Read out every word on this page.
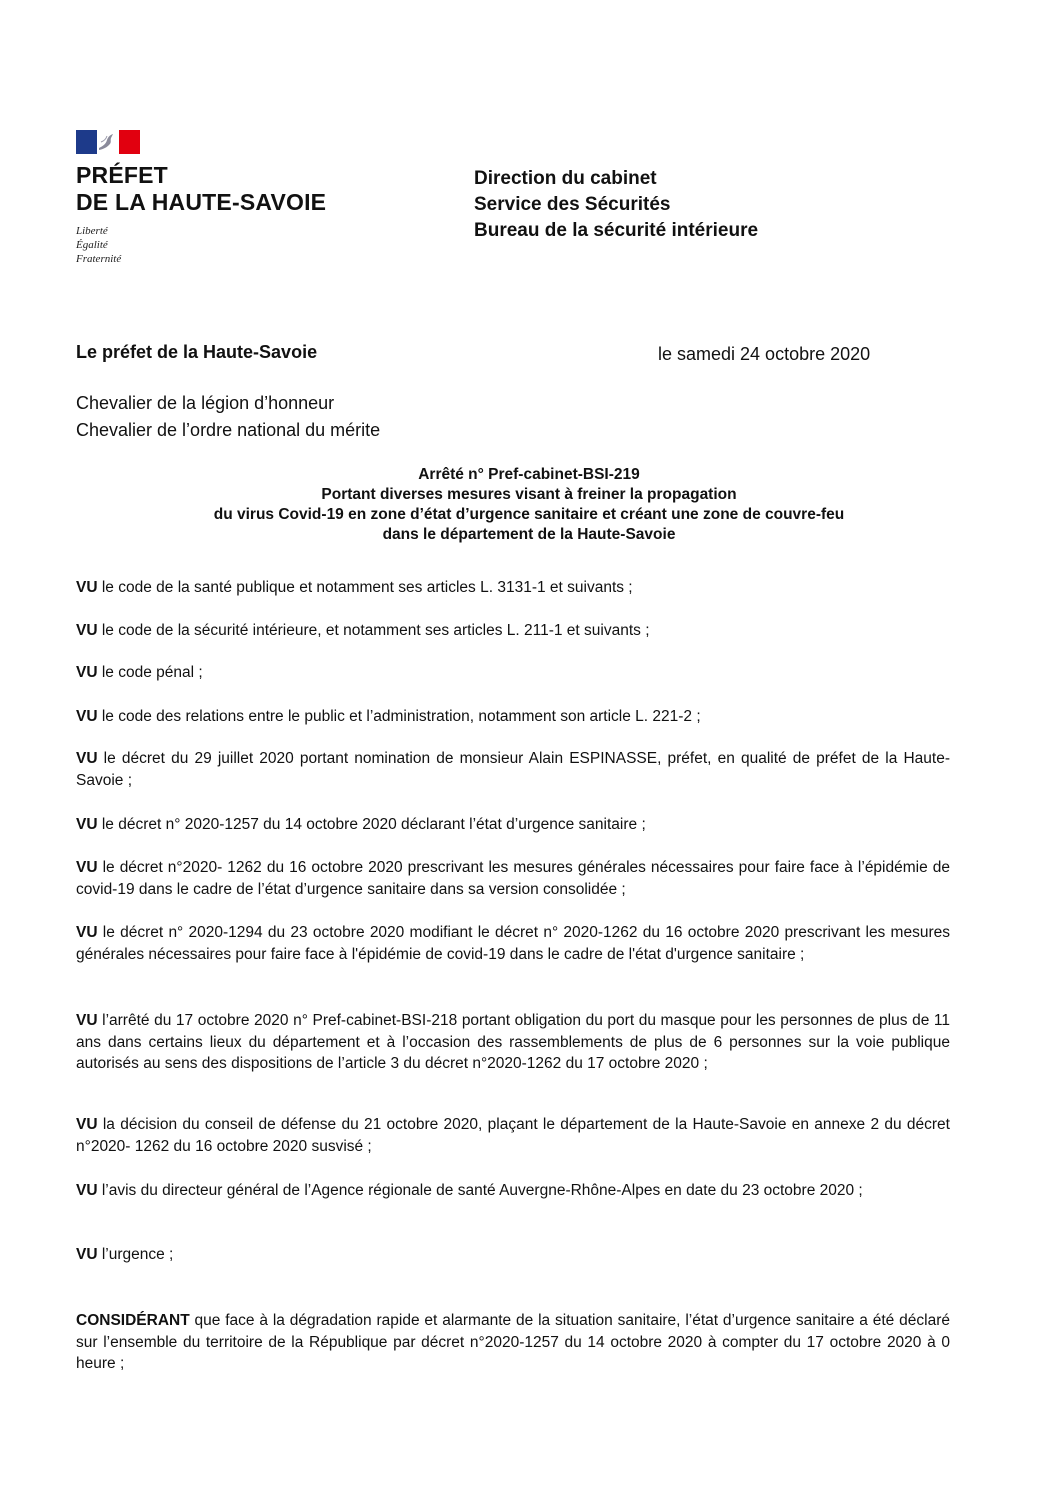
PRÉFET
DE LA HAUTE-SAVOIE
Liberté
Égalité
Fraternité
Direction du cabinet
Service des Sécurités
Bureau de la sécurité intérieure
Le préfet de la Haute-Savoie	le samedi 24 octobre 2020
Chevalier de la légion d’honneur
Chevalier de l’ordre national du mérite
Arrêté n° Pref-cabinet-BSI-219
Portant diverses mesures visant à freiner la propagation
du virus Covid-19 en zone d’état d’urgence sanitaire et créant une zone de couvre-feu
dans le département de la Haute-Savoie

VU le code de la santé publique et notamment ses articles L. 3131-1 et suivants ;

VU le code de la sécurité intérieure, et notamment ses articles L. 211-1 et suivants ;

VU le code pénal ;

VU le code des relations entre le public et l’administration, notamment son article L. 221-2 ;

VU le décret du 29 juillet 2020 portant nomination de monsieur Alain ESPINASSE, préfet, en qualité de préfet de la Haute-Savoie ;

VU le décret n° 2020-1257 du 14 octobre 2020 déclarant l’état d’urgence sanitaire ;

VU le décret n°2020- 1262 du 16 octobre 2020 prescrivant les mesures générales nécessaires pour faire face à l’épidémie de covid-19 dans le cadre de l’état d’urgence sanitaire dans sa version consolidée ;

VU le décret n° 2020-1294 du 23 octobre 2020 modifiant le décret n° 2020-1262 du 16 octobre 2020 prescrivant les mesures générales nécessaires pour faire face à l'épidémie de covid-19 dans le cadre de l'état d'urgence sanitaire ;

VU l’arrêté du 17 octobre 2020 n° Pref-cabinet-BSI-218 portant obligation du port du masque pour les personnes de plus de 11 ans dans certains lieux du département et à l’occasion des rassemblements de plus de 6 personnes sur la voie publique autorisés au sens des dispositions de l’article 3 du décret n°2020-1262 du 17 octobre 2020 ;

VU la décision du conseil de défense du 21 octobre 2020, plaçant le département de la Haute-Savoie en annexe 2 du décret n°2020- 1262 du 16 octobre 2020 susvisé ;

VU l’avis du directeur général de l’Agence régionale de santé Auvergne-Rhône-Alpes en date du 23 octobre 2020 ;

VU l’urgence ;

CONSIDÉRANT que face à la dégradation rapide et alarmante de la situation sanitaire, l’état d’urgence sanitaire a été déclaré sur l’ensemble du territoire de la République par décret n°2020-1257 du 14 octobre 2020 à compter du 17 octobre 2020 à 0 heure ;
